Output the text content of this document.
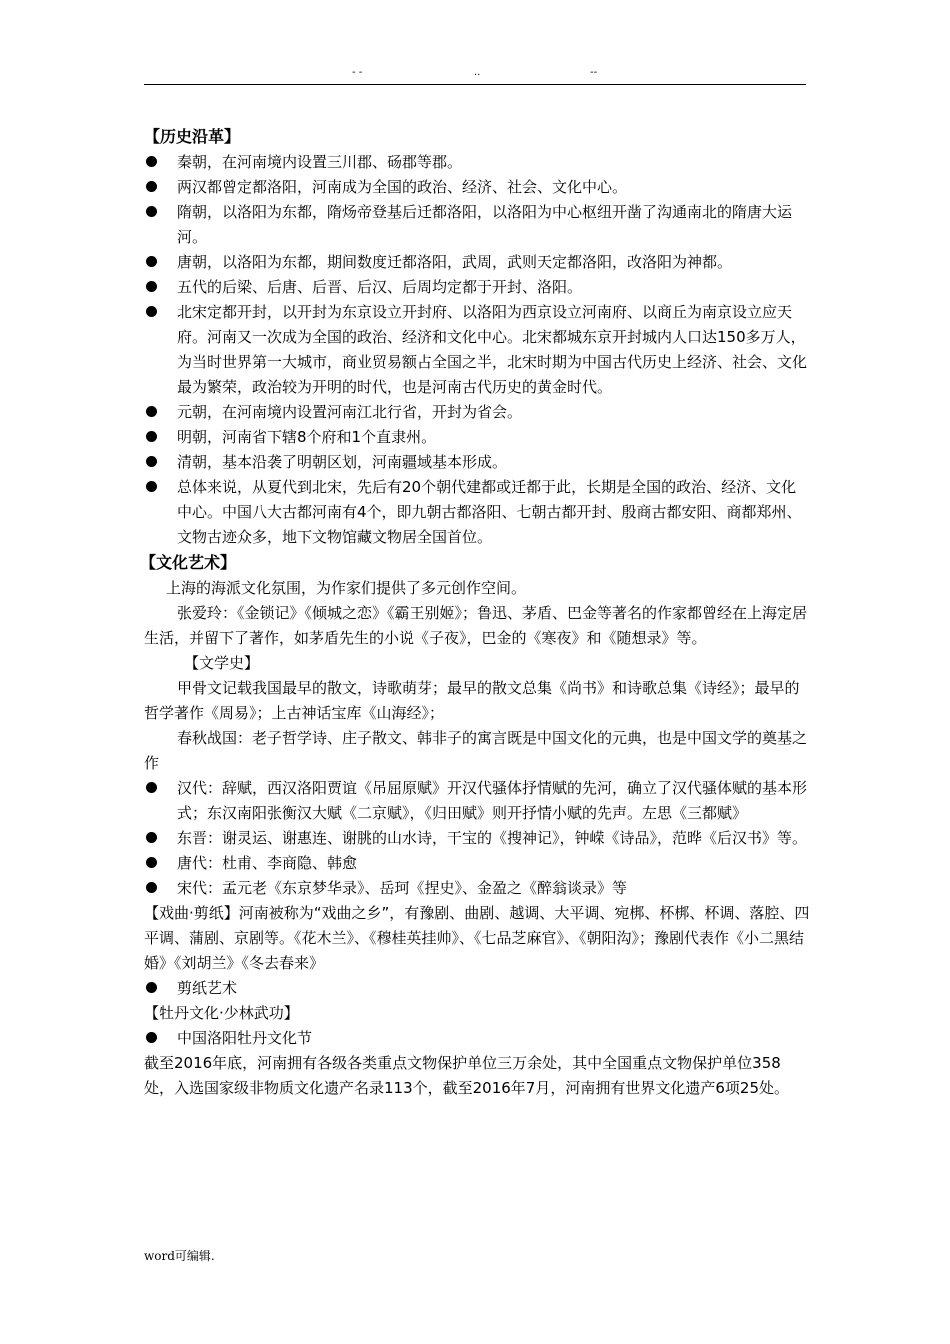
- -	..	--

【历史沿革】

秦朝，在河南境内设置三川郡、砀郡等郡。
两汉都曾定都洛阳，河南成为全国的政治、经济、社会、文化中心。
隋朝，以洛阳为东都，隋炀帝登基后迁都洛阳，以洛阳为中心枢纽开凿了沟通南北的隋唐大运河。
唐朝，以洛阳为东都，期间数度迁都洛阳，武周，武则天定都洛阳，改洛阳为神都。
五代的后梁、后唐、后晋、后汉、后周均定都于开封、洛阳。
北宋定都开封，以开封为东京设立开封府、以洛阳为西京设立河南府、以商丘为南京设立应天府。河南又一次成为全国的政治、经济和文化中心。北宋都城东京开封城内人口达150多万人，为当时世界第一大城市，商业贸易额占全国之半，北宋时期为中国古代历史上经济、社会、文化最为繁荣，政治较为开明的时代，也是河南古代历史的黄金时代。
元朝，在河南境内设置河南江北行省，开封为省会。
明朝，河南省下辖8个府和1个直隶州。
清朝，基本沿袭了明朝区划，河南疆域基本形成。
总体来说，从夏代到北宋，先后有20个朝代建都或迁都于此，长期是全国的政治、经济、文化中心。中国八大古都河南有4个，即九朝古都洛阳、七朝古都开封、殷商古都安阳、商都郑州、文物古迹众多，地下文物馆藏文物居全国首位。

【文化艺术】

上海的海派文化氛围，为作家们提供了多元创作空间。

张爱玲：《金锁记》《倾城之恋》《霸王别姬》；鲁迅、茅盾、巴金等著名的作家都曾经在上海定居生活，并留下了著作，如茅盾先生的小说《子夜》，巴金的《寒夜》和《随想录》等。

【文学史】

甲骨文记载我国最早的散文，诗歌萌芽；最早的散文总集《尚书》和诗歌总集《诗经》；最早的哲学著作《周易》；上古神话宝库《山海经》；

春秋战国：老子哲学诗、庄子散文、韩非子的寓言既是中国文化的元典，也是中国文学的奠基之作

汉代：辞赋，西汉洛阳贾谊《吊屈原赋》开汉代骚体抒情赋的先河，确立了汉代骚体赋的基本形式；东汉南阳张衡汉大赋《二京赋》，《归田赋》则开抒情小赋的先声。左思《三都赋》
东晋：谢灵运、谢惠连、谢朓的山水诗，干宝的《搜神记》，钟嵘《诗品》，范晔《后汉书》等。
唐代：杜甫、李商隐、韩愈
宋代：孟元老《东京梦华录》、岳珂《捏史》、金盈之《醉翁谈录》等

【戏曲·剪纸】河南被称为“戏曲之乡”，有豫剧、曲剧、越调、大平调、宛梆、杯梆、杯调、落腔、四平调、蒲剧、京剧等。《花木兰》、《穆桂英挂帅》、《七品芝麻官》、《朝阳沟》；豫剧代表作《小二黑结婚》《刘胡兰》《冬去春来》

剪纸艺术

【牡丹文化·少林武功】

中国洛阳牡丹文化节

截至2016年底，河南拥有各级各类重点文物保护单位三万余处，其中全国重点文物保护单位358处，入选国家级非物质文化遗产名录113个，截至2016年7月，河南拥有世界文化遗产6项25处。

word可编辑.
